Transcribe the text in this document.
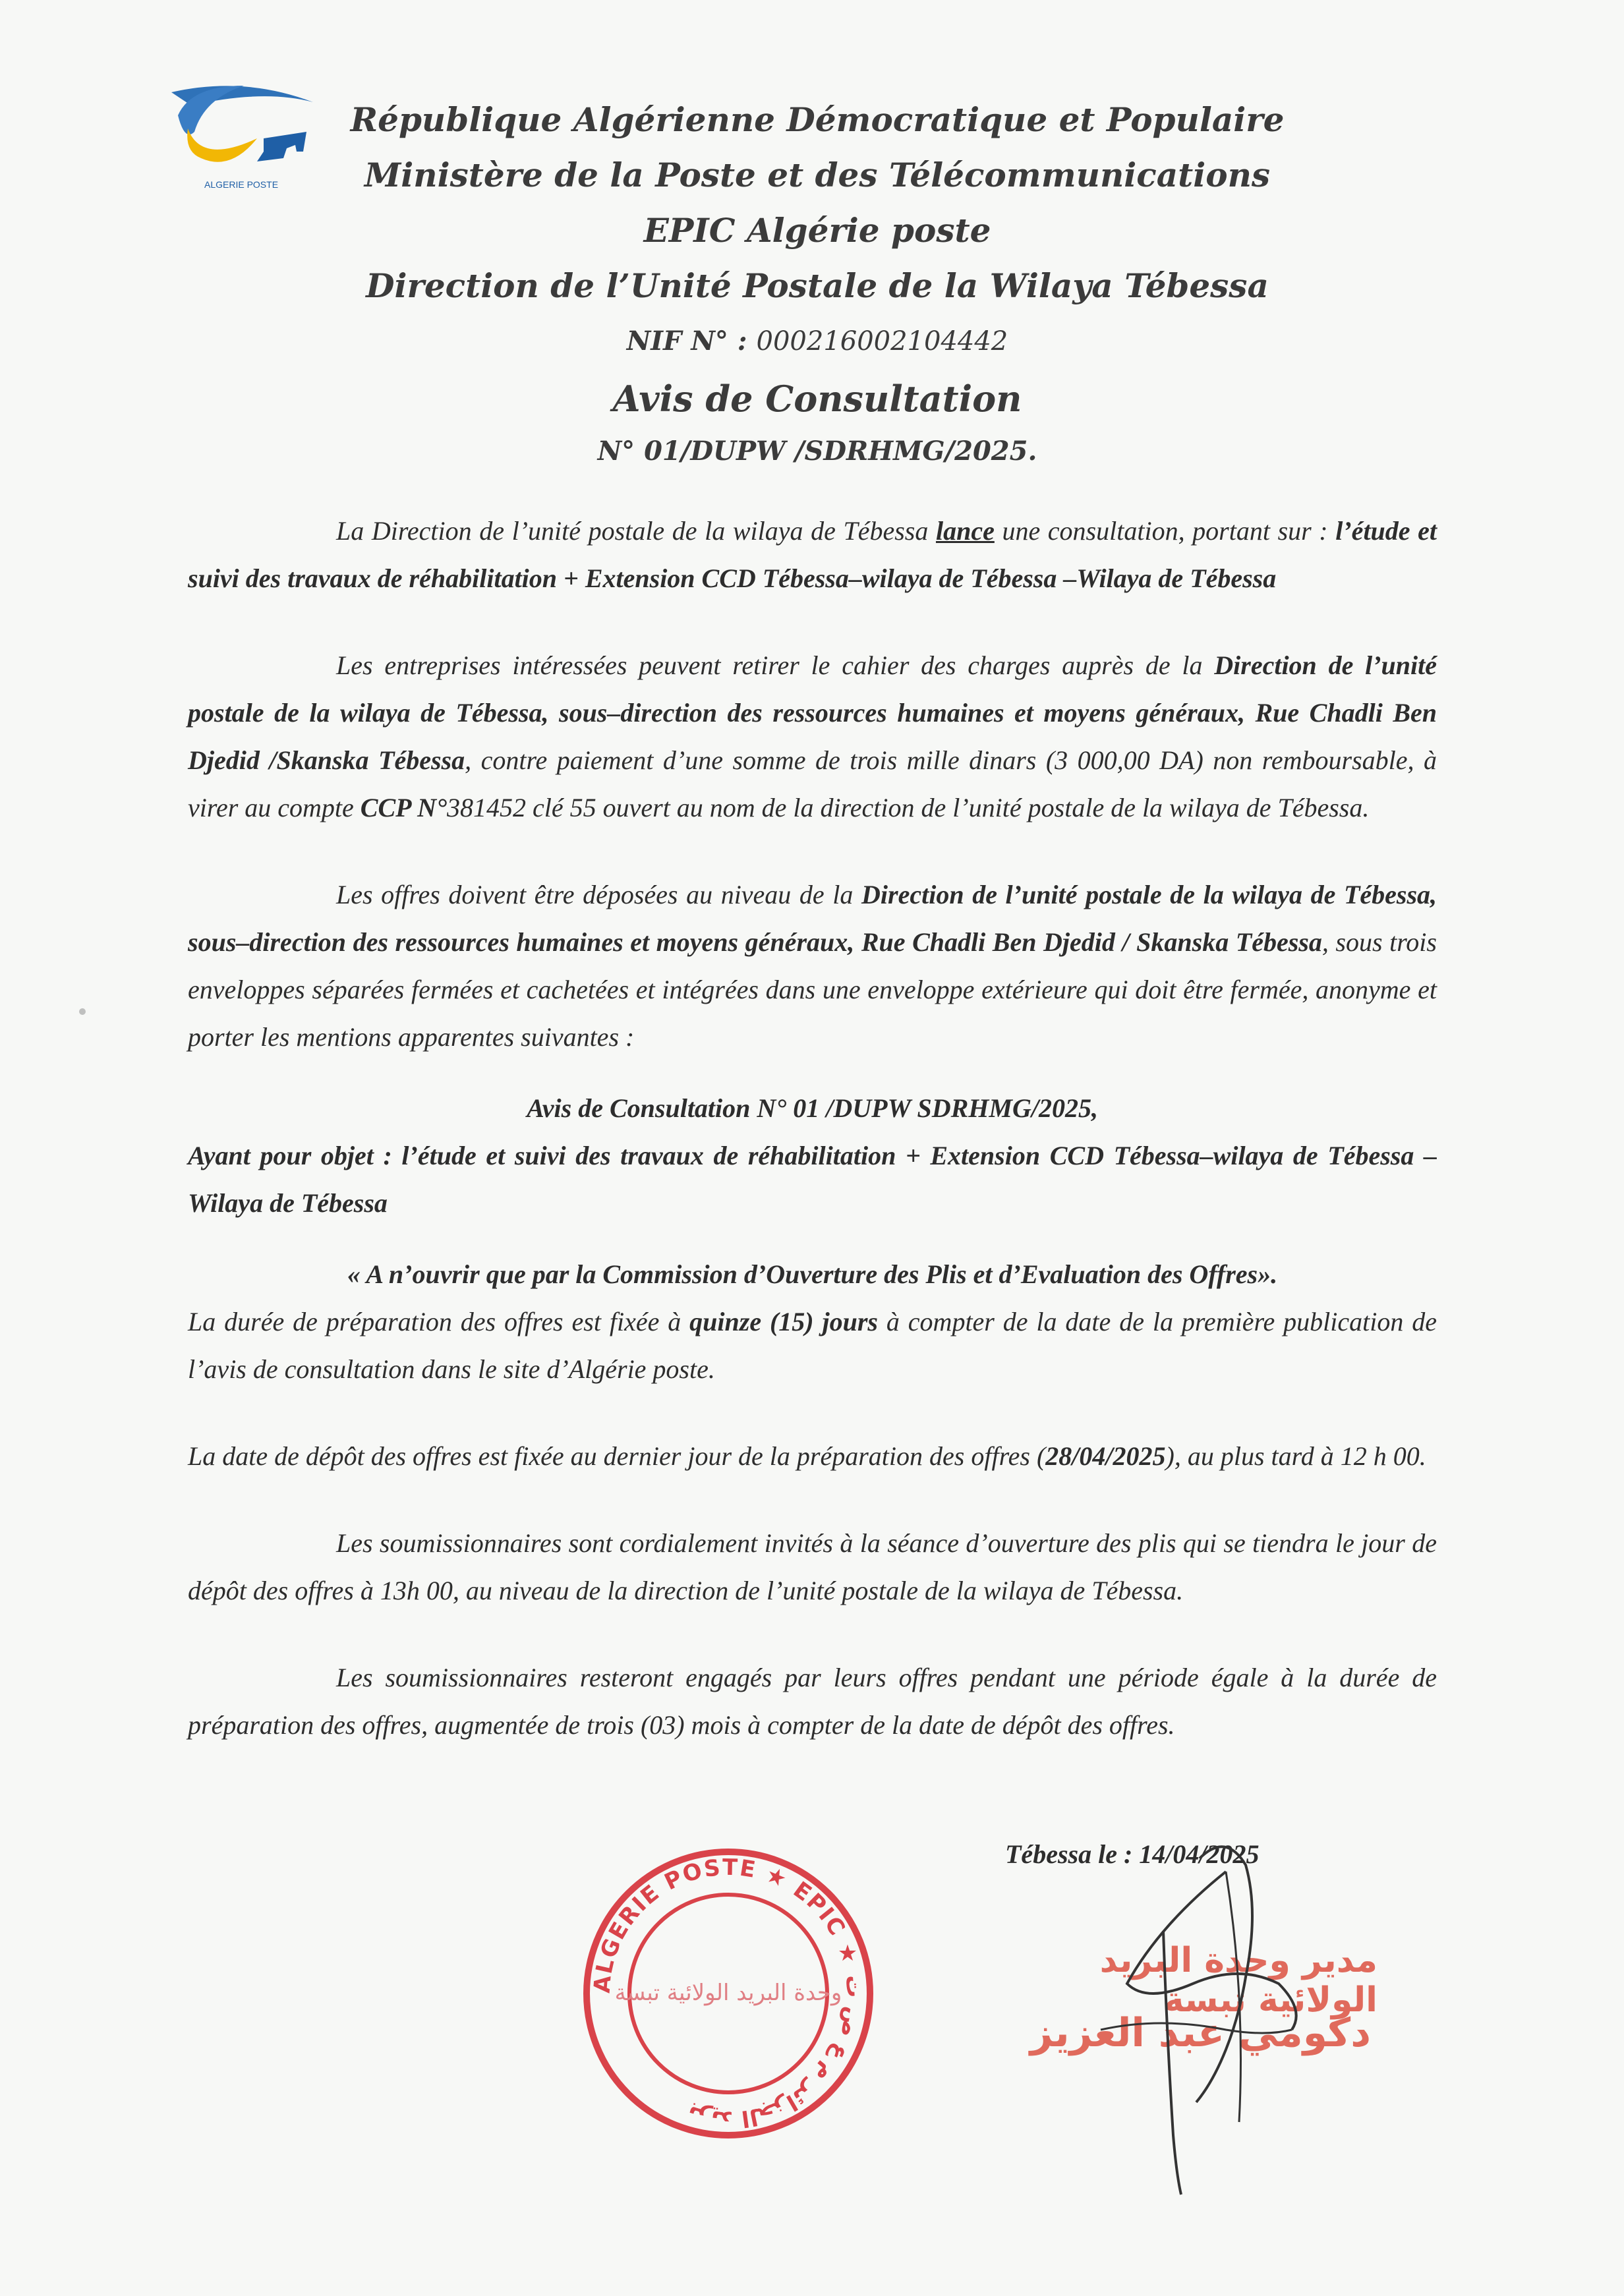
ALGERIE POSTE
République Algérienne Démocratique et Populaire
Ministère de la Poste et des Télécommunications
EPIC Algérie poste
Direction de l’Unité Postale de la Wilaya Tébessa
NIF N° : 000216002104442
Avis de Consultation
N° 01/DUPW /SDRHMG/2025.

La Direction de l’unité postale de la wilaya de Tébessa lance une consultation, portant sur : l’étude et suivi des travaux de réhabilitation + Extension CCD Tébessa–wilaya de Tébessa –Wilaya de Tébessa

Les entreprises intéressées peuvent retirer le cahier des charges auprès de la Direction de l’unité postale de la wilaya de Tébessa, sous–direction des ressources humaines et moyens généraux, Rue Chadli Ben Djedid /Skanska Tébessa, contre paiement d’une somme de trois mille dinars (3 000,00 DA) non remboursable, à virer au compte CCP N°381452 clé 55 ouvert au nom de la direction de l’unité postale de la wilaya de Tébessa.

Les offres doivent être déposées au niveau de la Direction de l’unité postale de la wilaya de Tébessa, sous–direction des ressources humaines et moyens généraux, Rue Chadli Ben Djedid / Skanska Tébessa, sous trois enveloppes séparées fermées et cachetées et intégrées dans une enveloppe extérieure qui doit être fermée, anonyme et porter les mentions apparentes suivantes :

Avis de Consultation N° 01 /DUPW SDRHMG/2025,

Ayant pour objet : l’étude et suivi des travaux de réhabilitation + Extension CCD Tébessa–wilaya de Tébessa –Wilaya de Tébessa

« A n’ouvrir que par la Commission d’Ouverture des Plis et d’Evaluation des Offres».

La durée de préparation des offres est fixée à quinze (15) jours à compter de la date de la première publication de l’avis de consultation dans le site d’Algérie poste.

La date de dépôt des offres est fixée au dernier jour de la préparation des offres (28/04/2025), au plus tard à 12 h 00.

Les soumissionnaires sont cordialement invités à la séance d’ouverture des plis qui se tiendra le jour de dépôt des offres à 13h 00, au niveau de la direction de l’unité postale de la wilaya de Tébessa.

Les soumissionnaires resteront engagés par leurs offres pendant une période égale à la durée de préparation des offres, augmentée de trois (03) mois à compter de la date de dépôt des offres.

Tébessa le : 14/04/2025
مدير وحدة البريد الولائية تبسة
دكومي عبد العزيز
ALGERIE POSTE ★ EPIC ★ بريد الجزائر م ع ص ت
وحدة البريد الولائية تبسة
